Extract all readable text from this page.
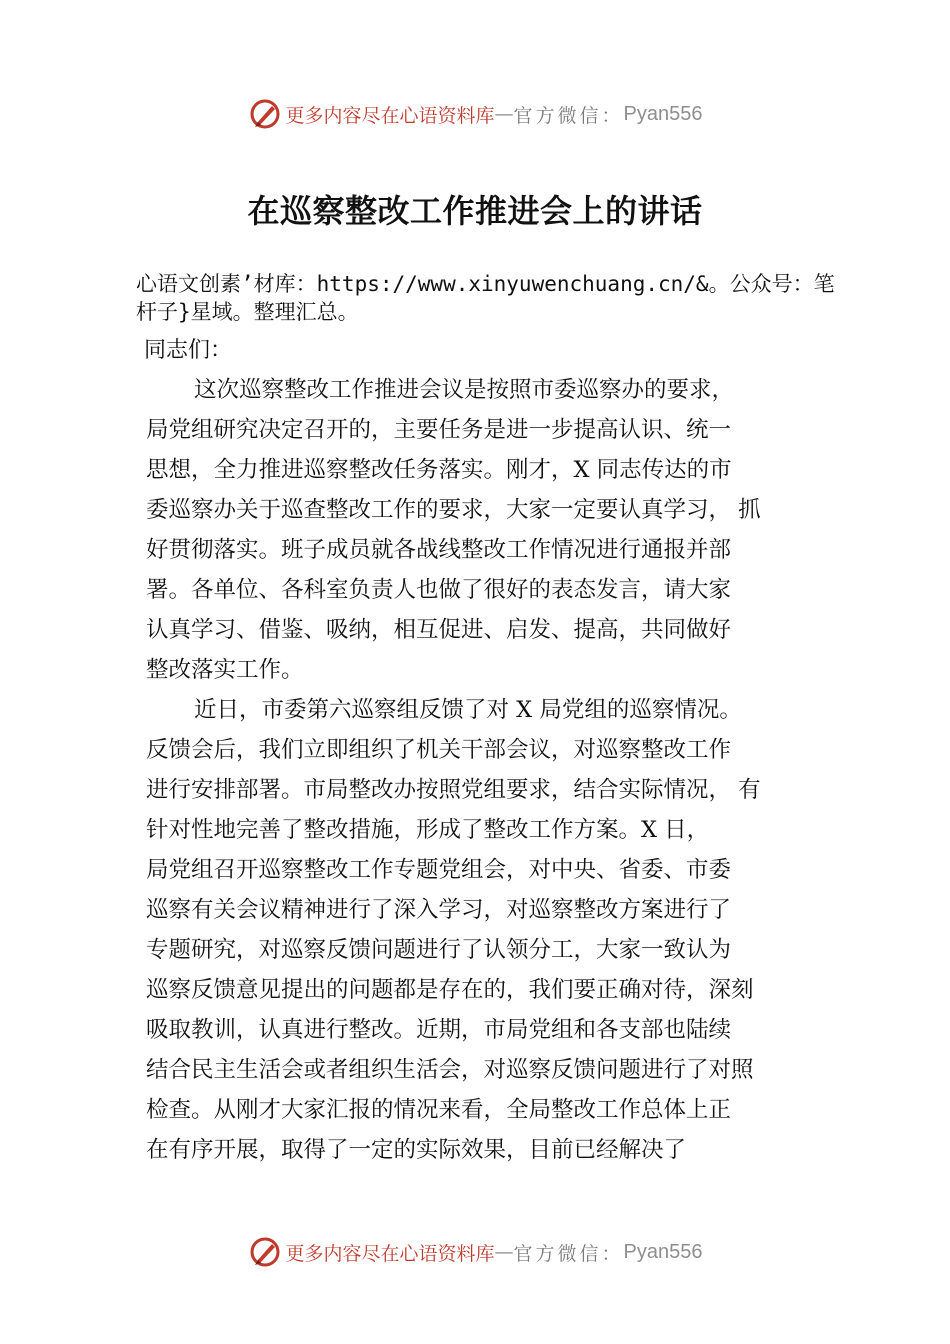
更多内容尽在心语资料库 — 官方微信： Pyan556
在巡察整改工作推进会上的讲话
心语文创素’材库：https://www.xinyuwenchuang.cn/&。公众号：笔杆子}星域。整理汇总。
同志们：
这次巡察整改工作推进会议是按照市委巡察办的要求，
局党组研究决定召开的，主要任务是进一步提高认识、统一
思想，全力推进巡察整改任务落实。刚才，X 同志传达的市
委巡察办关于巡查整改工作的要求，大家一定要认真学习， 抓
好贯彻落实。班子成员就各战线整改工作情况进行通报并部
署。各单位、各科室负责人也做了很好的表态发言，请大家
认真学习、借鉴、吸纳，相互促进、启发、提高，共同做好
整改落实工作。
近日，市委第六巡察组反馈了对 X 局党组的巡察情况。
反馈会后，我们立即组织了机关干部会议，对巡察整改工作
进行安排部署。市局整改办按照党组要求，结合实际情况， 有
针对性地完善了整改措施，形成了整改工作方案。X 日，
局党组召开巡察整改工作专题党组会，对中央、省委、市委
巡察有关会议精神进行了深入学习，对巡察整改方案进行了
专题研究，对巡察反馈问题进行了认领分工，大家一致认为
巡察反馈意见提出的问题都是存在的，我们要正确对待，深刻
吸取教训，认真进行整改。近期，市局党组和各支部也陆续
结合民主生活会或者组织生活会，对巡察反馈问题进行了对照
检查。从刚才大家汇报的情况来看，全局整改工作总体上正
在有序开展，取得了一定的实际效果，目前已经解决了
更多内容尽在心语资料库 — 官方微信： Pyan556
